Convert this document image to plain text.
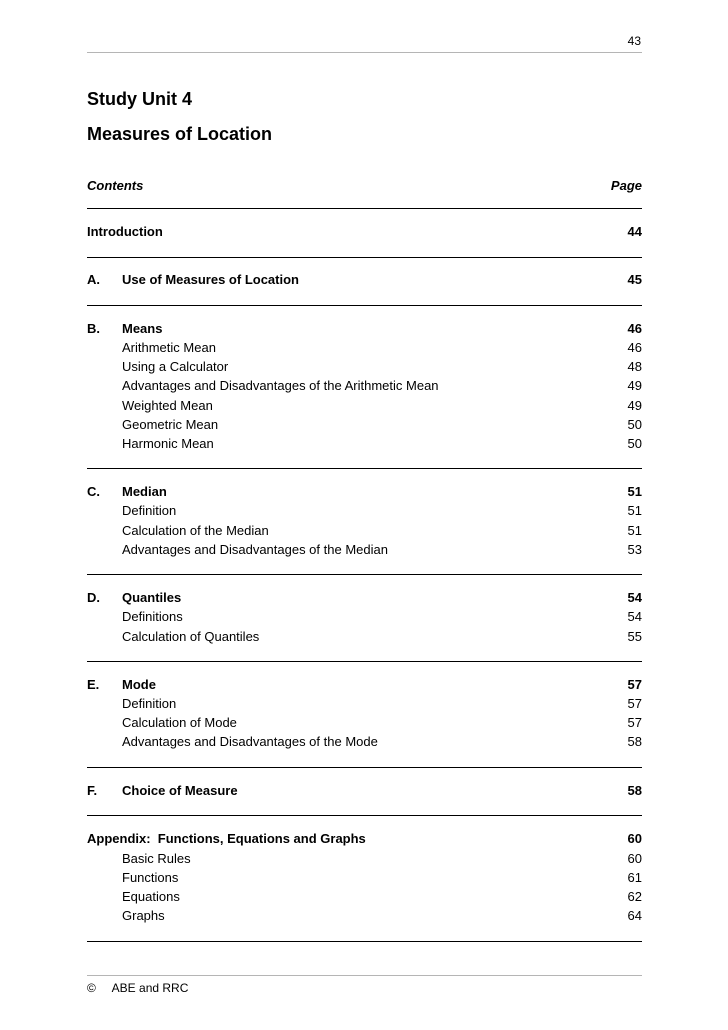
43
Study Unit 4
Measures of Location
Contents	Page
Introduction	44
A. Use of Measures of Location	45
B. Means	46
Arithmetic Mean	46
Using a Calculator	48
Advantages and Disadvantages of the Arithmetic Mean	49
Weighted Mean	49
Geometric Mean	50
Harmonic Mean	50
C. Median	51
Definition	51
Calculation of the Median	51
Advantages and Disadvantages of the Median	53
D. Quantiles	54
Definitions	54
Calculation of Quantiles	55
E. Mode	57
Definition	57
Calculation of Mode	57
Advantages and Disadvantages of the Mode	58
F. Choice of Measure	58
Appendix:  Functions, Equations and Graphs	60
Basic Rules	60
Functions	61
Equations	62
Graphs	64
© ABE and RRC
